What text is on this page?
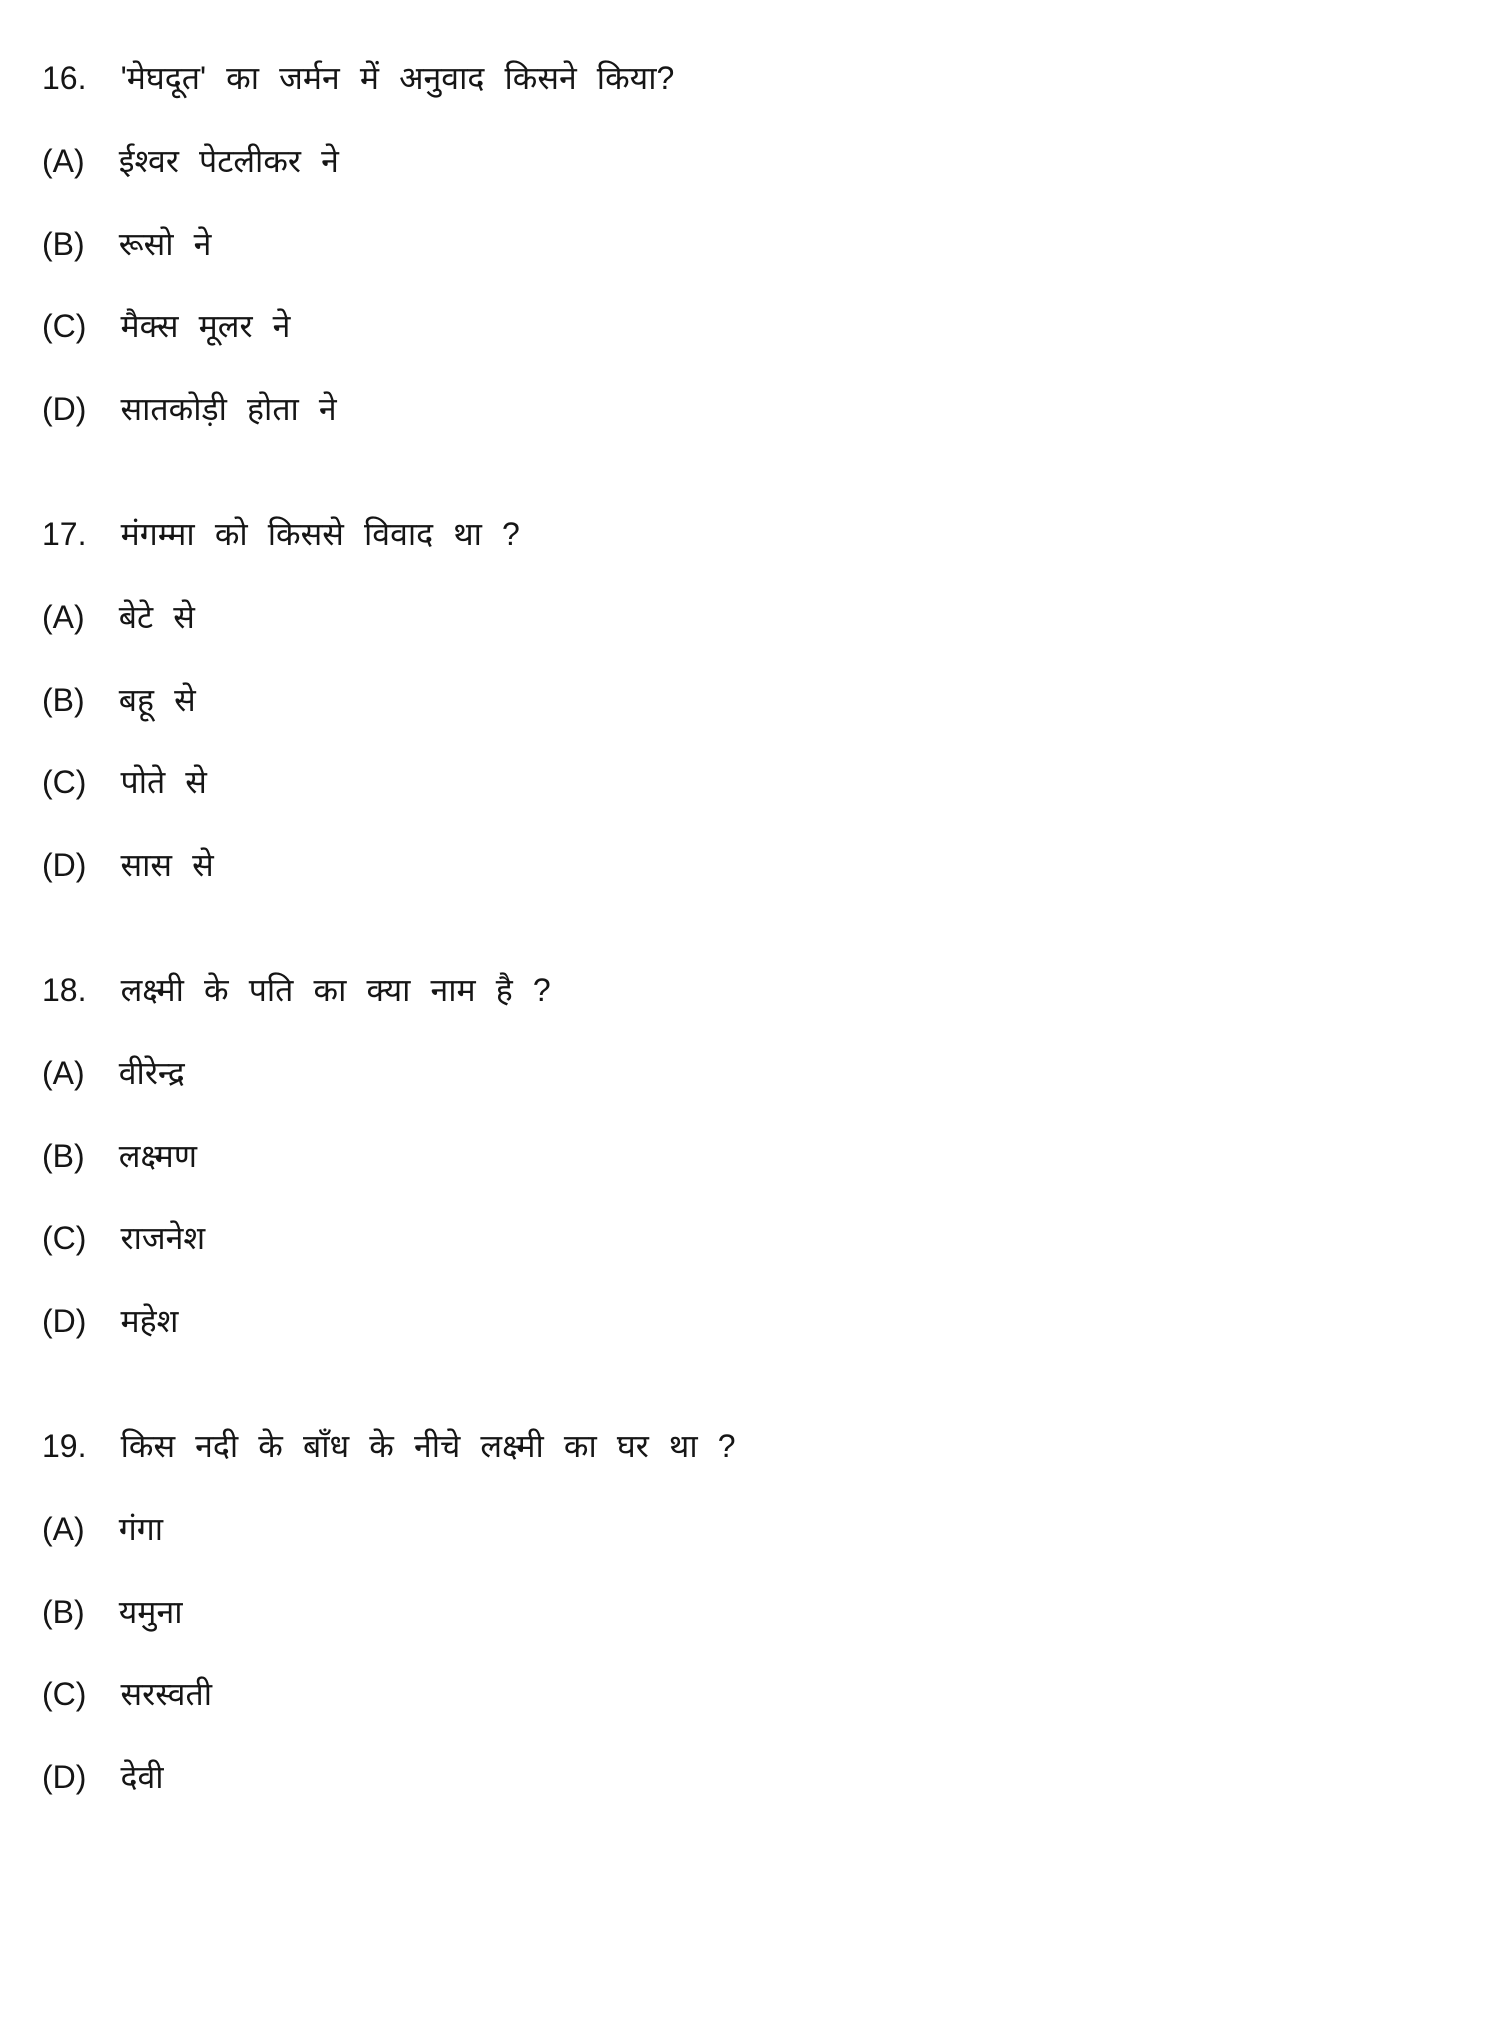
16. 'मेघदूत' का जर्मन में अनुवाद किसने किया?
(A) ईश्वर पेटलीकर ने
(B) रूसो ने
(C) मैक्स मूलर ने
(D) सातकोड़ी होता ने
17. मंगम्मा को किससे विवाद था ?
(A) बेटे से
(B) बहू से
(C) पोते से
(D) सास से
18. लक्ष्मी के पति का क्या नाम है ?
(A) वीरेन्द्र
(B) लक्ष्मण
(C) राजनेश
(D) महेश
19. किस नदी के बाँध के नीचे लक्ष्मी का घर था ?
(A) गंगा
(B) यमुना
(C) सरस्वती
(D) देवी
